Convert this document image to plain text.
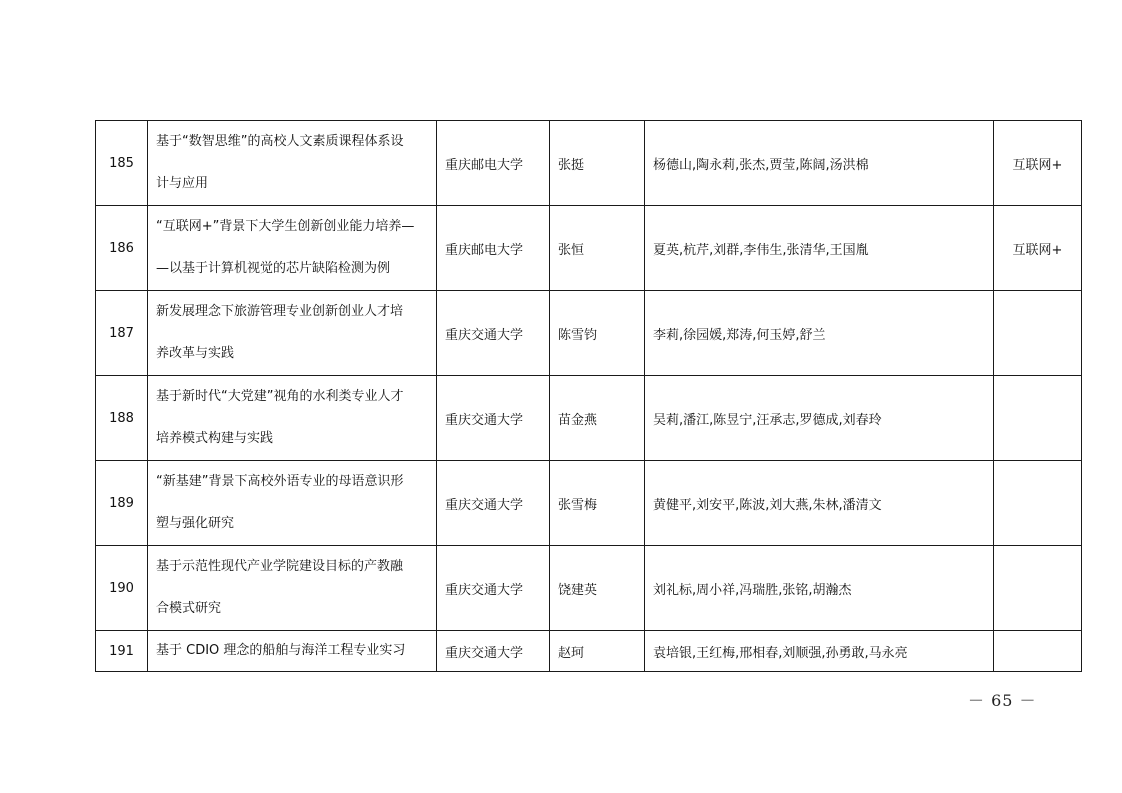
185	基于“数智思维”的高校人文素质课程体系设
计与应用	重庆邮电大学	张挺	杨德山,陶永莉,张杰,贾莹,陈阔,汤洪棉	互联网+
186	“互联网+”背景下大学生创新创业能力培养—
—以基于计算机视觉的芯片缺陷检测为例	重庆邮电大学	张恒	夏英,杭芹,刘群,李伟生,张清华,王国胤	互联网+
187	新发展理念下旅游管理专业创新创业人才培
养改革与实践	重庆交通大学	陈雪钧	李莉,徐园媛,郑涛,何玉婷,舒兰	
188	基于新时代“大党建”视角的水利类专业人才
培养模式构建与实践	重庆交通大学	苗金燕	吴莉,潘江,陈昱宁,汪承志,罗德成,刘春玲	
189	“新基建”背景下高校外语专业的母语意识形
塑与强化研究	重庆交通大学	张雪梅	黄健平,刘安平,陈波,刘大燕,朱林,潘清文	
190	基于示范性现代产业学院建设目标的产教融
合模式研究	重庆交通大学	饶建英	刘礼标,周小祥,冯瑞胜,张铭,胡瀚杰	
191	基于 CDIO 理念的船舶与海洋工程专业实习	重庆交通大学	赵珂	袁培银,王红梅,邢相春,刘顺强,孙勇敢,马永亮	
－ 65 －
